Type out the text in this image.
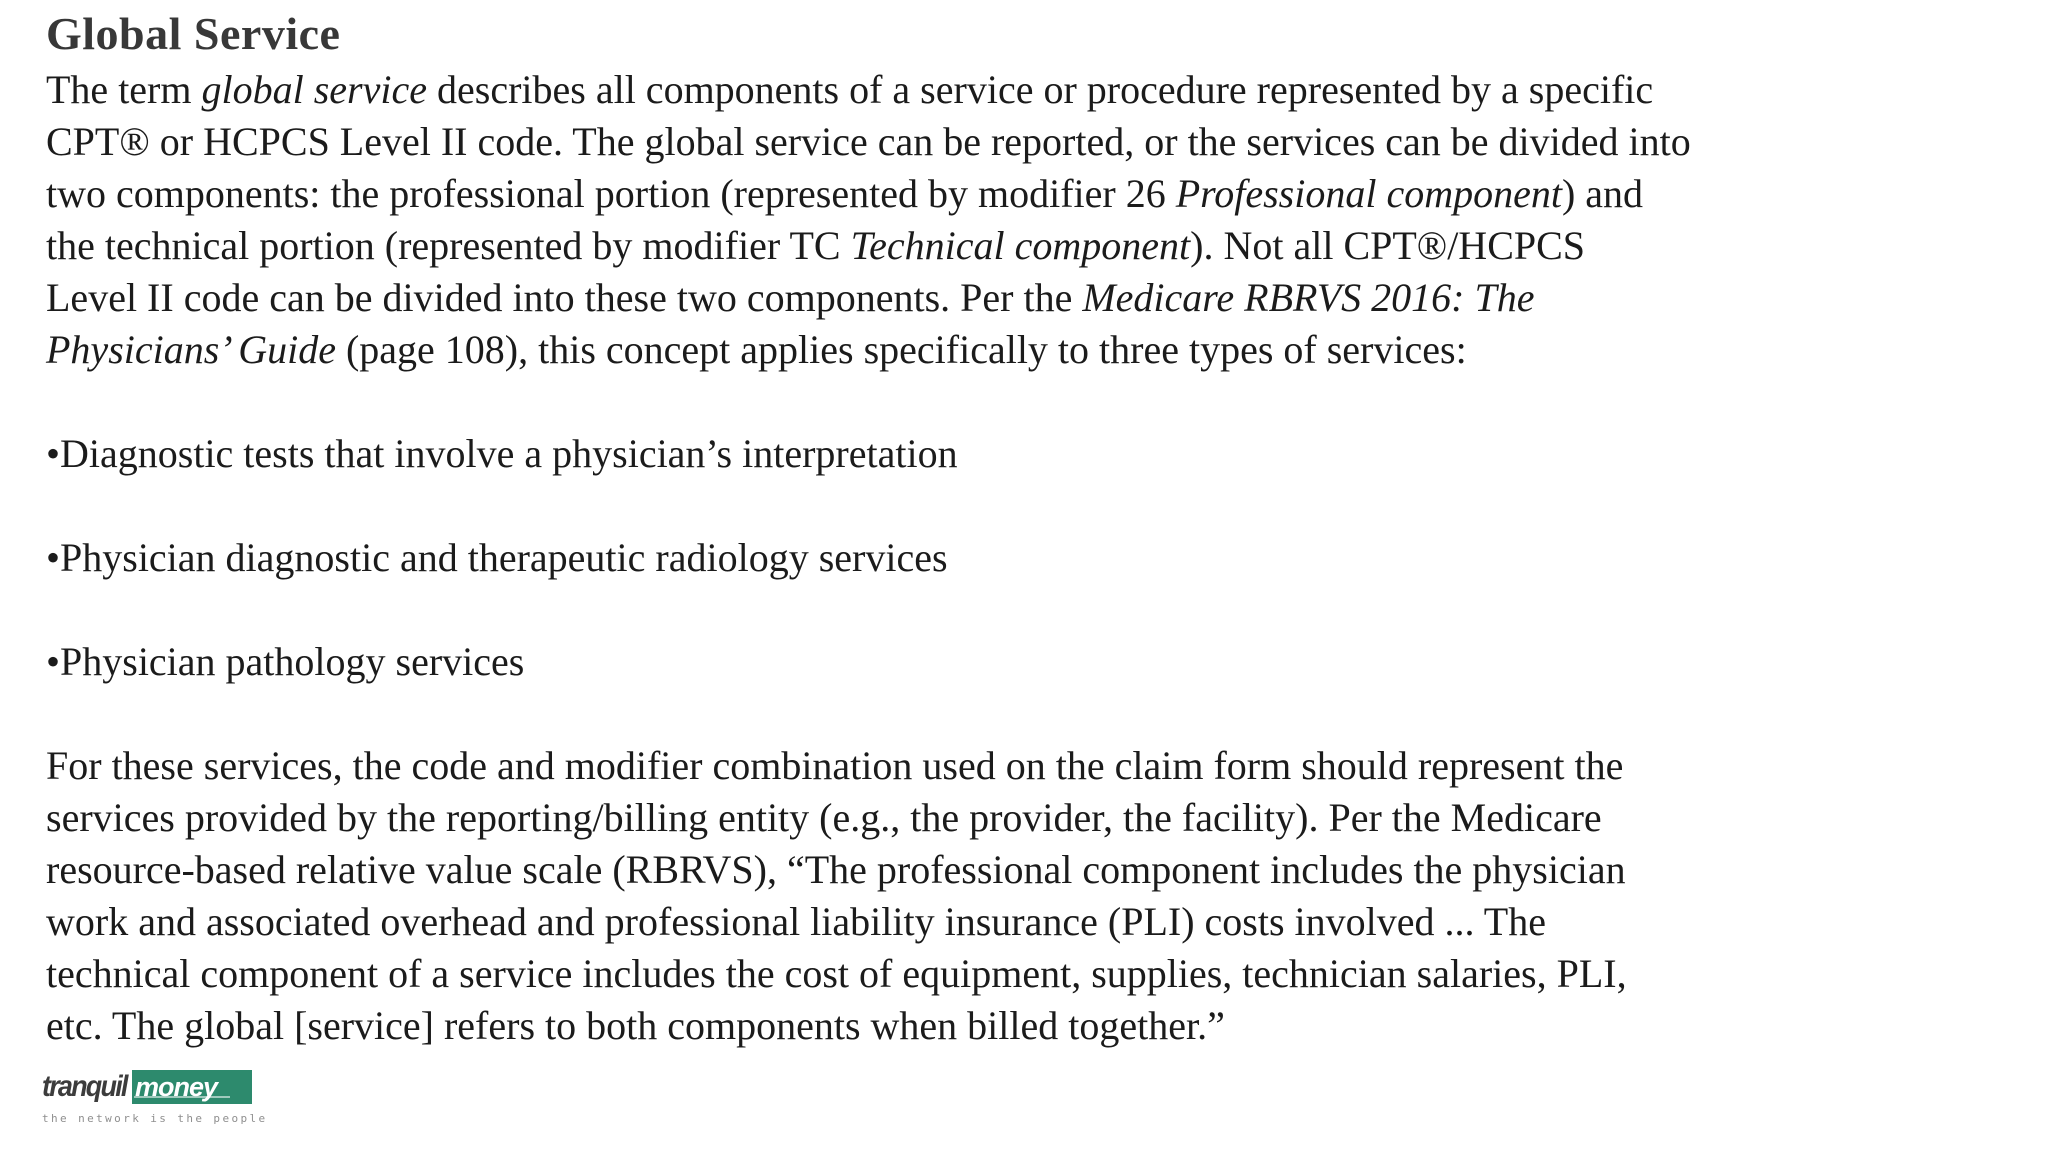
Global Service
The term global service describes all components of a service or procedure represented by a specific
CPT® or HCPCS Level II code. The global service can be reported, or the services can be divided into
two components: the professional portion (represented by modifier 26 Professional component) and
the technical portion (represented by modifier TC Technical component). Not all CPT®/HCPCS
Level II code can be divided into these two components. Per the Medicare RBRVS 2016: The
Physicians’ Guide (page 108), this concept applies specifically to three types of services:
•Diagnostic tests that involve a physician’s interpretation
•Physician diagnostic and therapeutic radiology services
•Physician pathology services
For these services, the code and modifier combination used on the claim form should represent the
services provided by the reporting/billing entity (e.g., the provider, the facility). Per the Medicare
resource-based relative value scale (RBRVS), “The professional component includes the physician
work and associated overhead and professional liability insurance (PLI) costs involved ... The
technical component of a service includes the cost of equipment, supplies, technician salaries, PLI,
etc. The global [service] refers to both components when billed together.”
tranquil money
the network is the people
